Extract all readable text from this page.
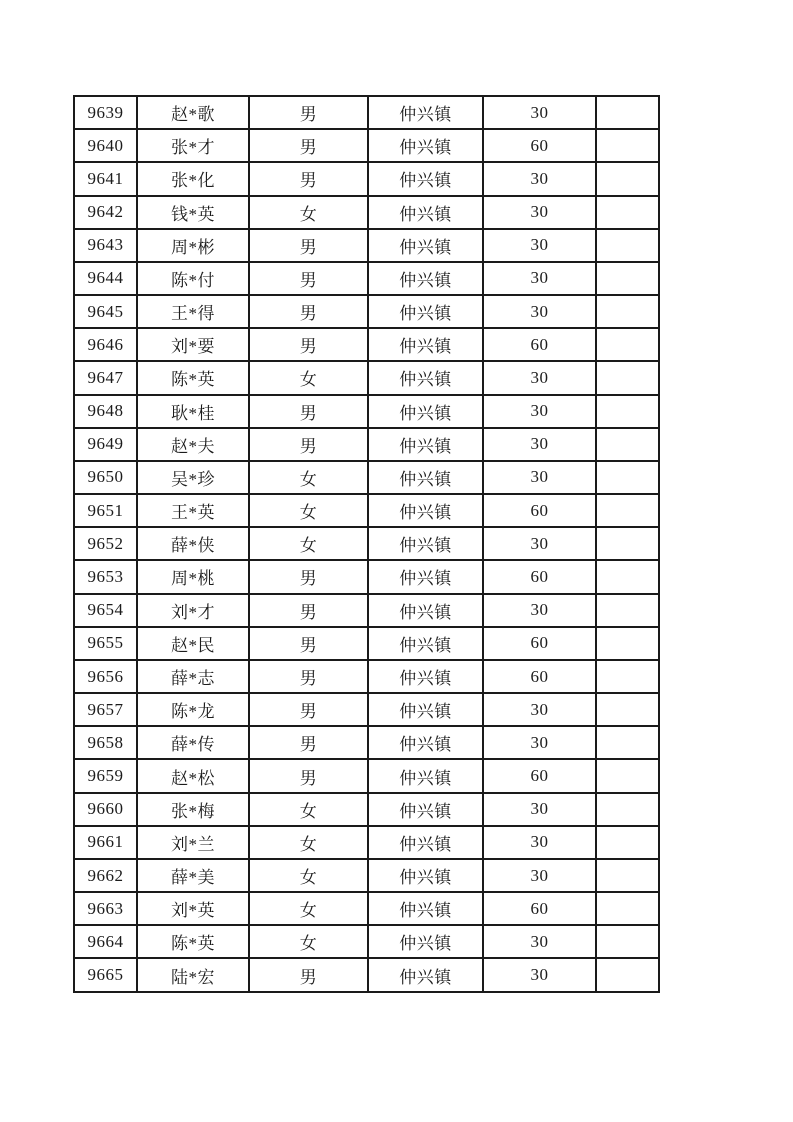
9639	赵*歌	男	仲兴镇	30	
9640	张*才	男	仲兴镇	60	
9641	张*化	男	仲兴镇	30	
9642	钱*英	女	仲兴镇	30	
9643	周*彬	男	仲兴镇	30	
9644	陈*付	男	仲兴镇	30	
9645	王*得	男	仲兴镇	30	
9646	刘*要	男	仲兴镇	60	
9647	陈*英	女	仲兴镇	30	
9648	耿*桂	男	仲兴镇	30	
9649	赵*夫	男	仲兴镇	30	
9650	吴*珍	女	仲兴镇	30	
9651	王*英	女	仲兴镇	60	
9652	薛*侠	女	仲兴镇	30	
9653	周*桃	男	仲兴镇	60	
9654	刘*才	男	仲兴镇	30	
9655	赵*民	男	仲兴镇	60	
9656	薛*志	男	仲兴镇	60	
9657	陈*龙	男	仲兴镇	30	
9658	薛*传	男	仲兴镇	30	
9659	赵*松	男	仲兴镇	60	
9660	张*梅	女	仲兴镇	30	
9661	刘*兰	女	仲兴镇	30	
9662	薛*美	女	仲兴镇	30	
9663	刘*英	女	仲兴镇	60	
9664	陈*英	女	仲兴镇	30	
9665	陆*宏	男	仲兴镇	30	
